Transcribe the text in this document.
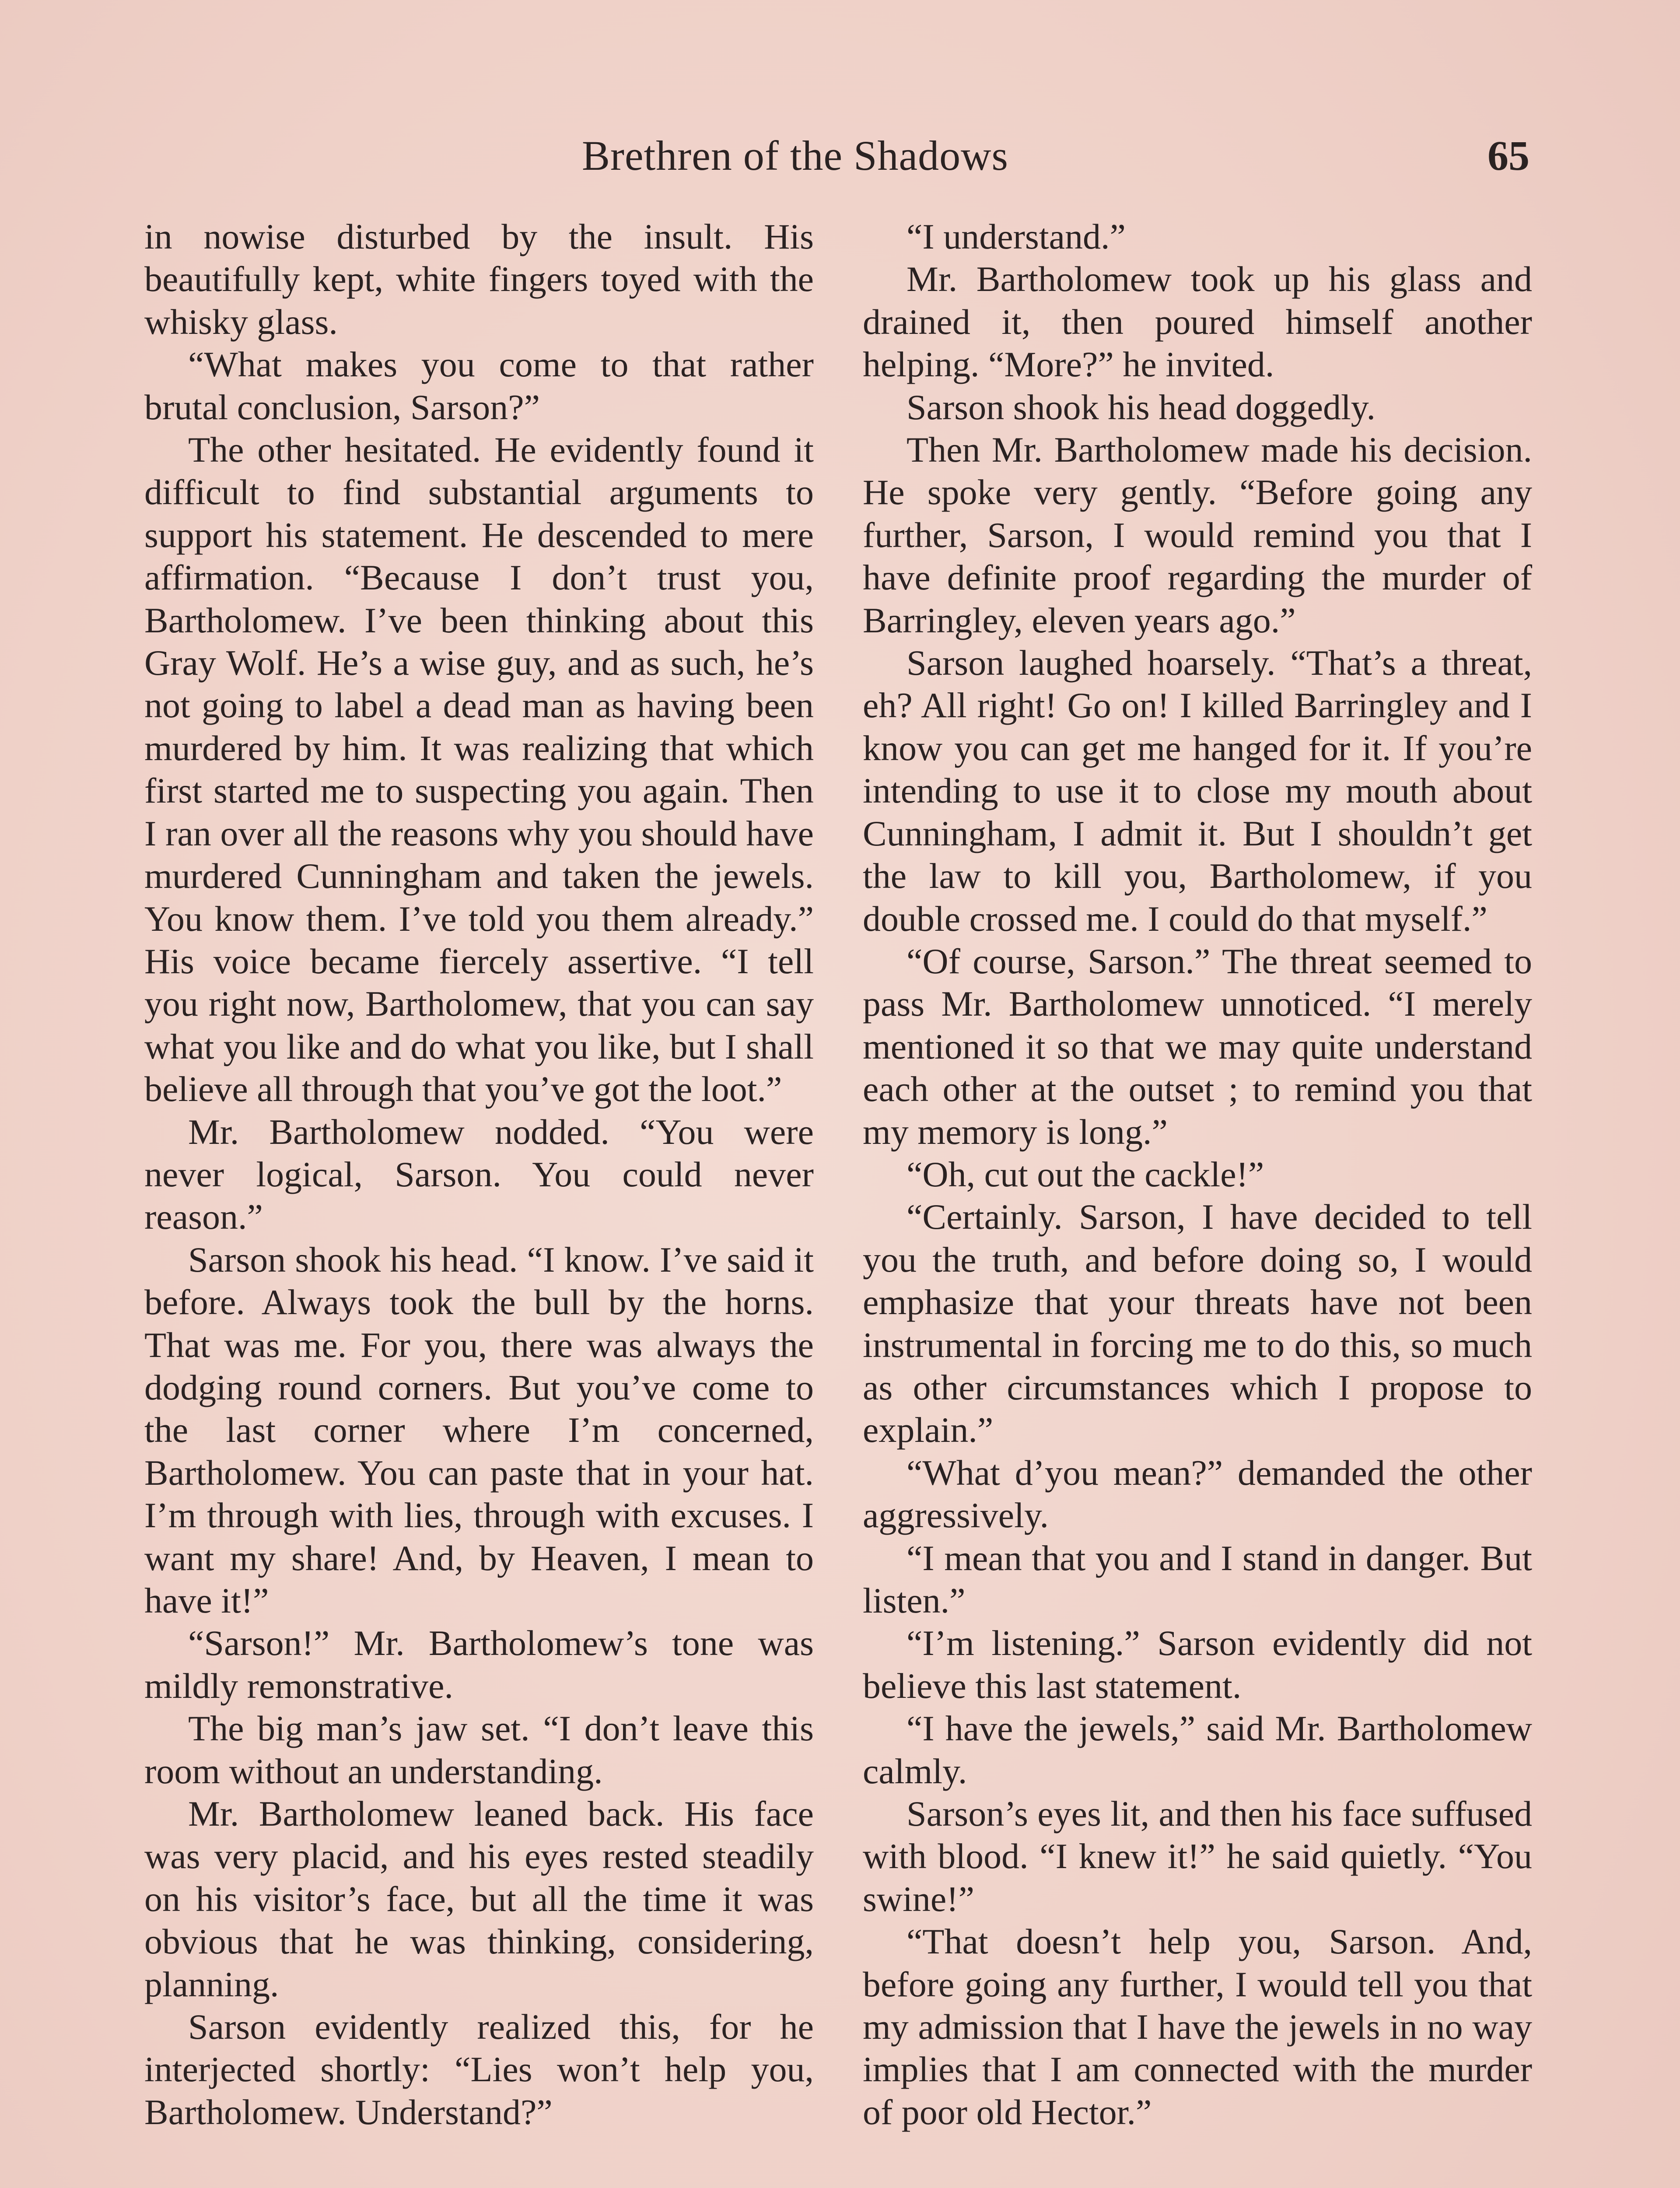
Brethren of the Shadows	65

in nowise disturbed by the insult. His beautifully kept, white fingers toyed with the whisky glass.

“What makes you come to that rather brutal conclusion, Sarson?”

The other hesitated. He evidently found it difficult to find substantial arguments to support his statement. He descended to mere affirmation. “Because I don’t trust you, Bartholomew. I’ve been thinking about this Gray Wolf. He’s a wise guy, and as such, he’s not going to label a dead man as having been murdered by him. It was realizing that which first started me to suspecting you again. Then I ran over all the reasons why you should have murdered Cunningham and taken the jewels. You know them. I’ve told you them already.” His voice became fiercely assertive. “I tell you right now, Bartholomew, that you can say what you like and do what you like, but I shall believe all through that you’ve got the loot.”

Mr. Bartholomew nodded. “You were never logical, Sarson. You could never reason.”

Sarson shook his head. “I know. I’ve said it before. Always took the bull by the horns. That was me. For you, there was always the dodging round corners. But you’ve come to the last corner where I’m concerned, Bartholomew. You can paste that in your hat. I’m through with lies, through with excuses. I want my share! And, by Heaven, I mean to have it!”

“Sarson!” Mr. Bartholomew’s tone was mildly remonstrative.

The big man’s jaw set. “I don’t leave this room without an understanding.

Mr. Bartholomew leaned back. His face was very placid, and his eyes rested steadily on his visitor’s face, but all the time it was obvious that he was thinking, considering, planning.

Sarson evidently realized this, for he interjected shortly: “Lies won’t help you, Bartholomew. Understand?”

“I understand.”

Mr. Bartholomew took up his glass and drained it, then poured himself another helping. “More?” he invited.

Sarson shook his head doggedly.

Then Mr. Bartholomew made his decision. He spoke very gently. “Before going any further, Sarson, I would remind you that I have definite proof regarding the murder of Barringley, eleven years ago.”

Sarson laughed hoarsely. “That’s a threat, eh? All right! Go on! I killed Barringley and I know you can get me hanged for it. If you’re intending to use it to close my mouth about Cunningham, I admit it. But I shouldn’t get the law to kill you, Bartholomew, if you double crossed me. I could do that myself.”

“Of course, Sarson.” The threat seemed to pass Mr. Bartholomew unnoticed. “I merely mentioned it so that we may quite understand each other at the outset ; to remind you that my memory is long.”

“Oh, cut out the cackle!”

“Certainly. Sarson, I have decided to tell you the truth, and before doing so, I would emphasize that your threats have not been instrumental in forcing me to do this, so much as other circumstances which I propose to explain.”

“What d’you mean?” demanded the other aggressively.

“I mean that you and I stand in danger. But listen.”

“I’m listening.” Sarson evidently did not believe this last statement.

“I have the jewels,” said Mr. Bartholomew calmly.

Sarson’s eyes lit, and then his face suffused with blood. “I knew it!” he said quietly. “You swine!”

“That doesn’t help you, Sarson. And, before going any further, I would tell you that my admission that I have the jewels in no way implies that I am connected with the murder of poor old Hector.”
